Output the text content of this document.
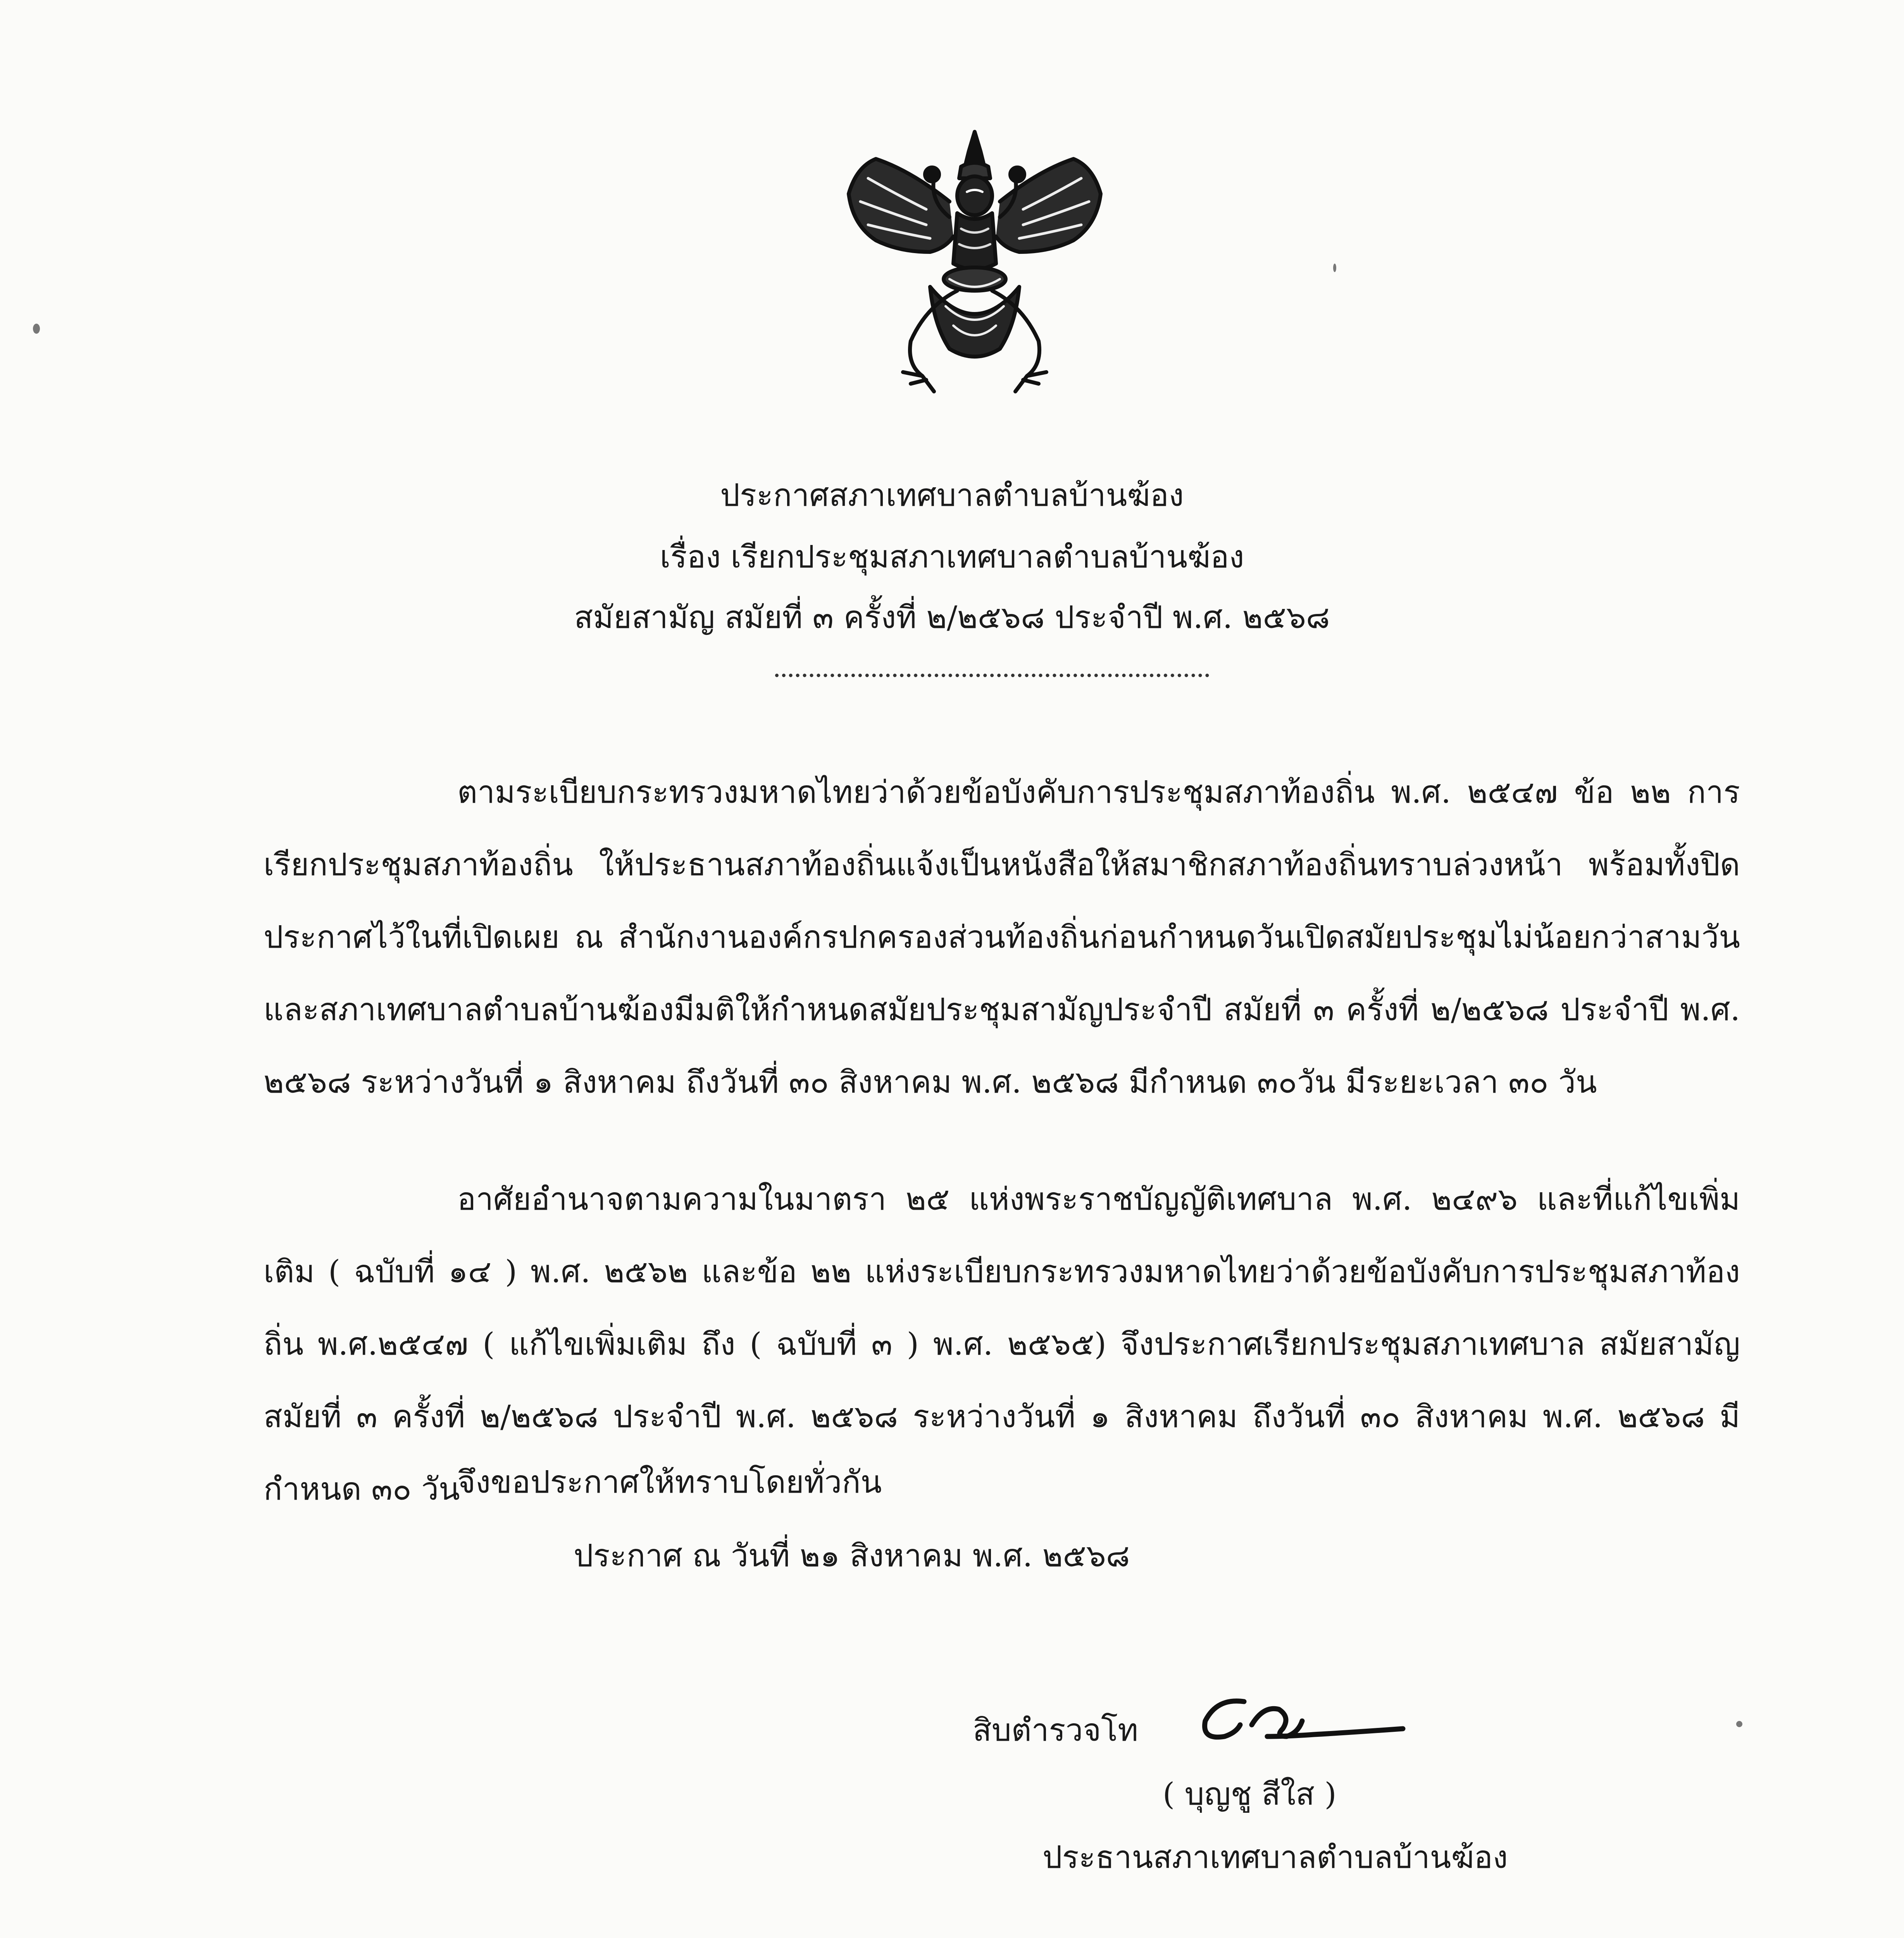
ประกาศสภาเทศบาลตำบลบ้านฆ้อง
เรื่อง เรียกประชุมสภาเทศบาลตำบลบ้านฆ้อง
สมัยสามัญ สมัยที่ ๓ ครั้งที่ ๒/๒๕๖๘ ประจำปี พ.ศ. ๒๕๖๘

ตามระเบียบกระทรวงมหาดไทยว่าด้วยข้อบังคับการประชุมสภาท้องถิ่น พ.ศ. ๒๕๔๗ ข้อ ๒๒ การเรียกประชุมสภาท้องถิ่น ให้ประธานสภาท้องถิ่นแจ้งเป็นหนังสือให้สมาชิกสภาท้องถิ่นทราบล่วงหน้า พร้อมทั้งปิดประกาศไว้ในที่เปิดเผย ณ สำนักงานองค์กรปกครองส่วนท้องถิ่นก่อนกำหนดวันเปิดสมัยประชุมไม่น้อยกว่าสามวัน และสภาเทศบาลตำบลบ้านฆ้องมีมติให้กำหนดสมัยประชุมสามัญประจำปี สมัยที่ ๓ ครั้งที่ ๒/๒๕๖๘ ประจำปี พ.ศ. ๒๕๖๘ ระหว่างวันที่ ๑ สิงหาคม ถึงวันที่ ๓๐ สิงหาคม พ.ศ. ๒๕๖๘ มีกำหนด ๓๐วัน มีระยะเวลา ๓๐ วัน

อาศัยอำนาจตามความในมาตรา ๒๕ แห่งพระราชบัญญัติเทศบาล พ.ศ. ๒๔๙๖ และที่แก้ไขเพิ่มเติม ( ฉบับที่ ๑๔ ) พ.ศ. ๒๕๖๒ และข้อ ๒๒ แห่งระเบียบกระทรวงมหาดไทยว่าด้วยข้อบังคับการประชุมสภาท้องถิ่น พ.ศ.๒๕๔๗ ( แก้ไขเพิ่มเติม ถึง ( ฉบับที่ ๓ ) พ.ศ. ๒๕๖๕) จึงประกาศเรียกประชุมสภาเทศบาล สมัยสามัญ สมัยที่ ๓ ครั้งที่ ๒/๒๕๖๘ ประจำปี พ.ศ. ๒๕๖๘ ระหว่างวันที่ ๑ สิงหาคม ถึงวันที่ ๓๐ สิงหาคม พ.ศ. ๒๕๖๘ มีกำหนด ๓๐ วัน

จึงขอประกาศให้ทราบโดยทั่วกัน
ประกาศ ณ วันที่ ๒๑ สิงหาคม พ.ศ. ๒๕๖๘
สิบตำรวจโท
( บุญชู สีใส )
ประธานสภาเทศบาลตำบลบ้านฆ้อง
